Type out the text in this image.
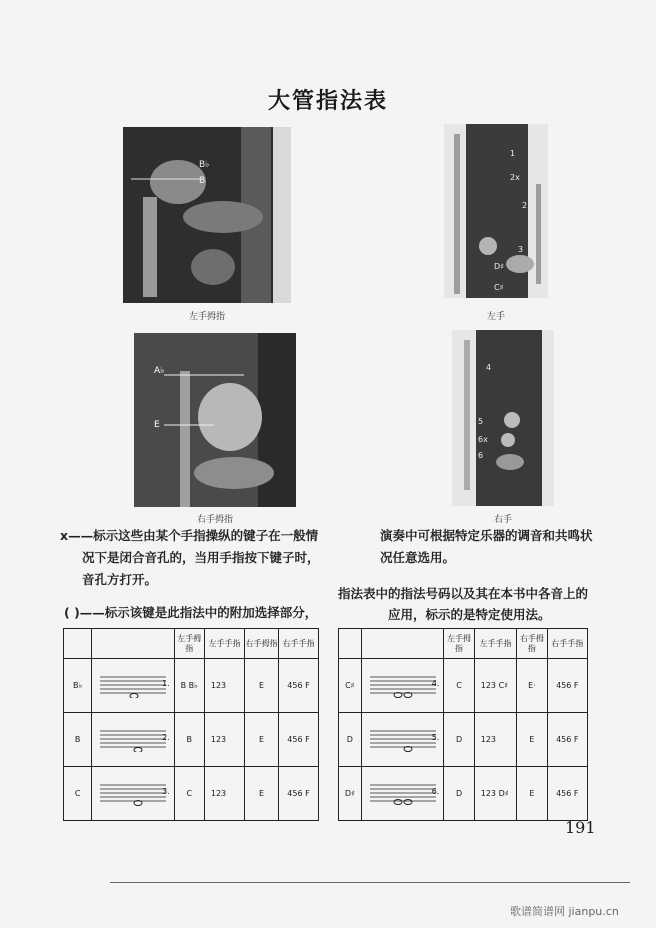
大管指法表
B♭
B
左手拇指
1
2x
2
3
D♯
C♯
左手
A♭
E
右手拇指
4
5
6x
6
右手
x——标示这些由某个手指操纵的键子在一般情
况下是闭合音孔的，当用手指按下键子时，
音孔方打开。
( )——标示该键是此指法中的附加选择部分，
演奏中可根据特定乐器的调音和共鸣状
况任意选用。
指法表中的指法号码以及其在本书中各音上的
应用，标示的是特定使用法。
		左手拇指	左手手指	右手拇指	右手手指
B♭	1.	B B♭	123	E	456 F
B	2.	B	123	E	456 F
C	3.	C	123	E	456 F
		左手拇指	左手手指	右手拇指	右手手指
C♯	4.	C	123 C♯	E·	456 F
D	5.	D	123	E	456 F
D♯	6.	D	123 D♯	E	456 F
191
歌谱简谱网 jianpu.cn
